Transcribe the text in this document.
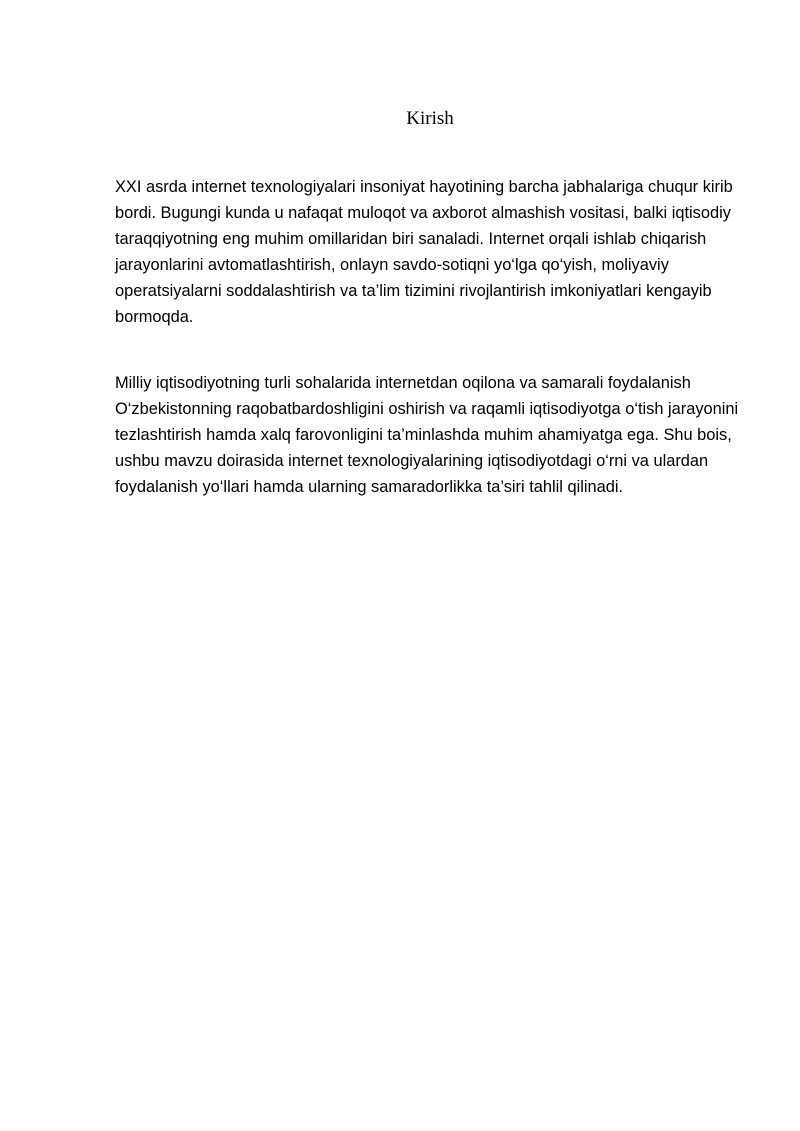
Kirish

XXI asrda internet texnologiyalari insoniyat hayotining barcha jabhalariga chuqur kirib bordi. Bugungi kunda u nafaqat muloqot va axborot almashish vositasi, balki iqtisodiy taraqqiyotning eng muhim omillaridan biri sanaladi. Internet orqali ishlab chiqarish jarayonlarini avtomatlashtirish, onlayn savdo-sotiqni yo‘lga qo‘yish, moliyaviy operatsiyalarni soddalashtirish va ta’lim tizimini rivojlantirish imkoniyatlari kengayib bormoqda.

Milliy iqtisodiyotning turli sohalarida internetdan oqilona va samarali foydalanish O‘zbekistonning raqobatbardoshligini oshirish va raqamli iqtisodiyotga o‘tish jarayonini tezlashtirish hamda xalq farovonligini ta’minlashda muhim ahamiyatga ega. Shu bois, ushbu mavzu doirasida internet texnologiyalarining iqtisodiyotdagi o‘rni va ulardan foydalanish yo‘llari hamda ularning samaradorlikka ta’siri tahlil qilinadi.
